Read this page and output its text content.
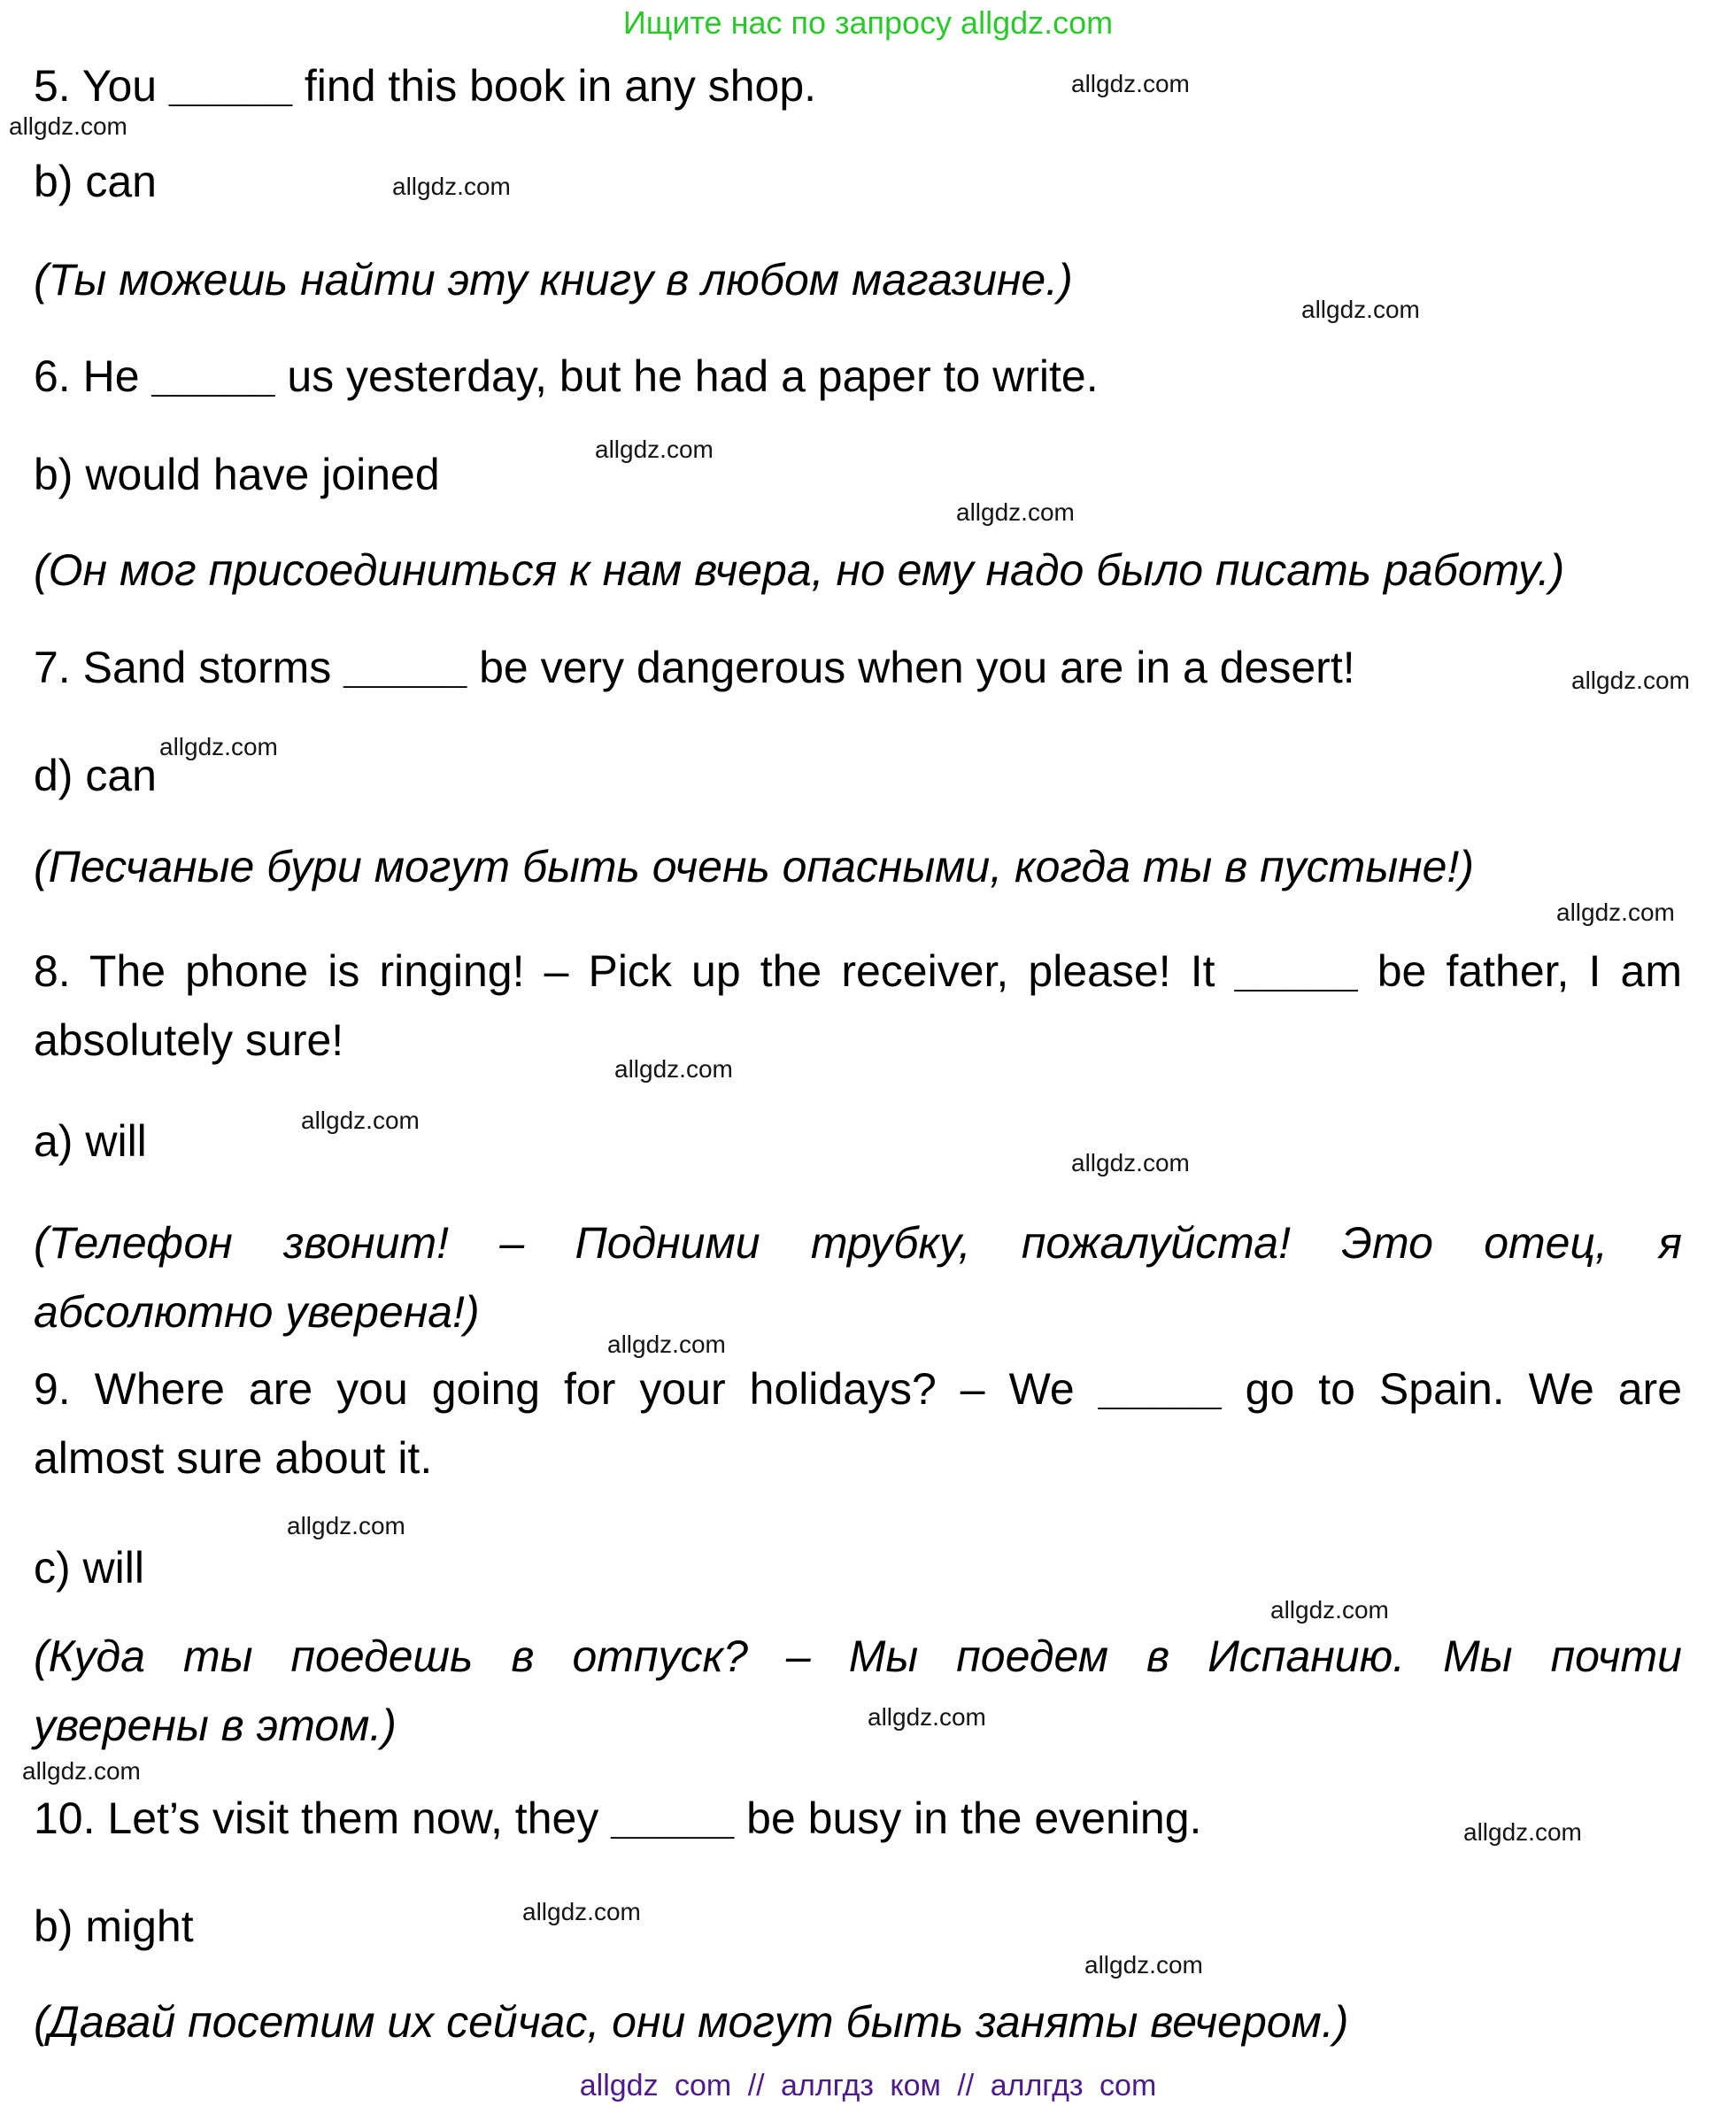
Ищите нас по запросу allgdz.com
5. You _____ find this book in any shop.
b) can
(Ты можешь найти эту книгу в любом магазине.)
6. He _____ us yesterday, but he had a paper to write.
b) would have joined
(Он мог присоединиться к нам вчера, но ему надо было писать работу.)
7. Sand storms _____ be very dangerous when you are in a desert!
d) can
(Песчаные бури могут быть очень опасными, когда ты в пустыне!)
8. The phone is ringing! – Pick up the receiver, please! It _____ be father, I am
absolutely sure!
a) will
(Телефон звонит! – Подними трубку, пожалуйста! Это отец, я
абсолютно уверена!)
9. Where are you going for your holidays? – We _____ go to Spain. We are
almost sure about it.
c) will
(Куда ты поедешь в отпуск? – Мы поедем в Испанию. Мы почти
уверены в этом.)
10. Let’s visit them now, they _____ be busy in the evening.
b) might
(Давай посетим их сейчас, они могут быть заняты вечером.)
allgdz.com
allgdz.com
allgdz.com
allgdz.com
allgdz.com
allgdz.com
allgdz.com
allgdz.com
allgdz.com
allgdz.com
allgdz.com
allgdz.com
allgdz.com
allgdz.com
allgdz.com
allgdz.com
allgdz.com
allgdz.com
allgdz.com
allgdz.com
allgdz com // аллгдз ком // аллгдз com
